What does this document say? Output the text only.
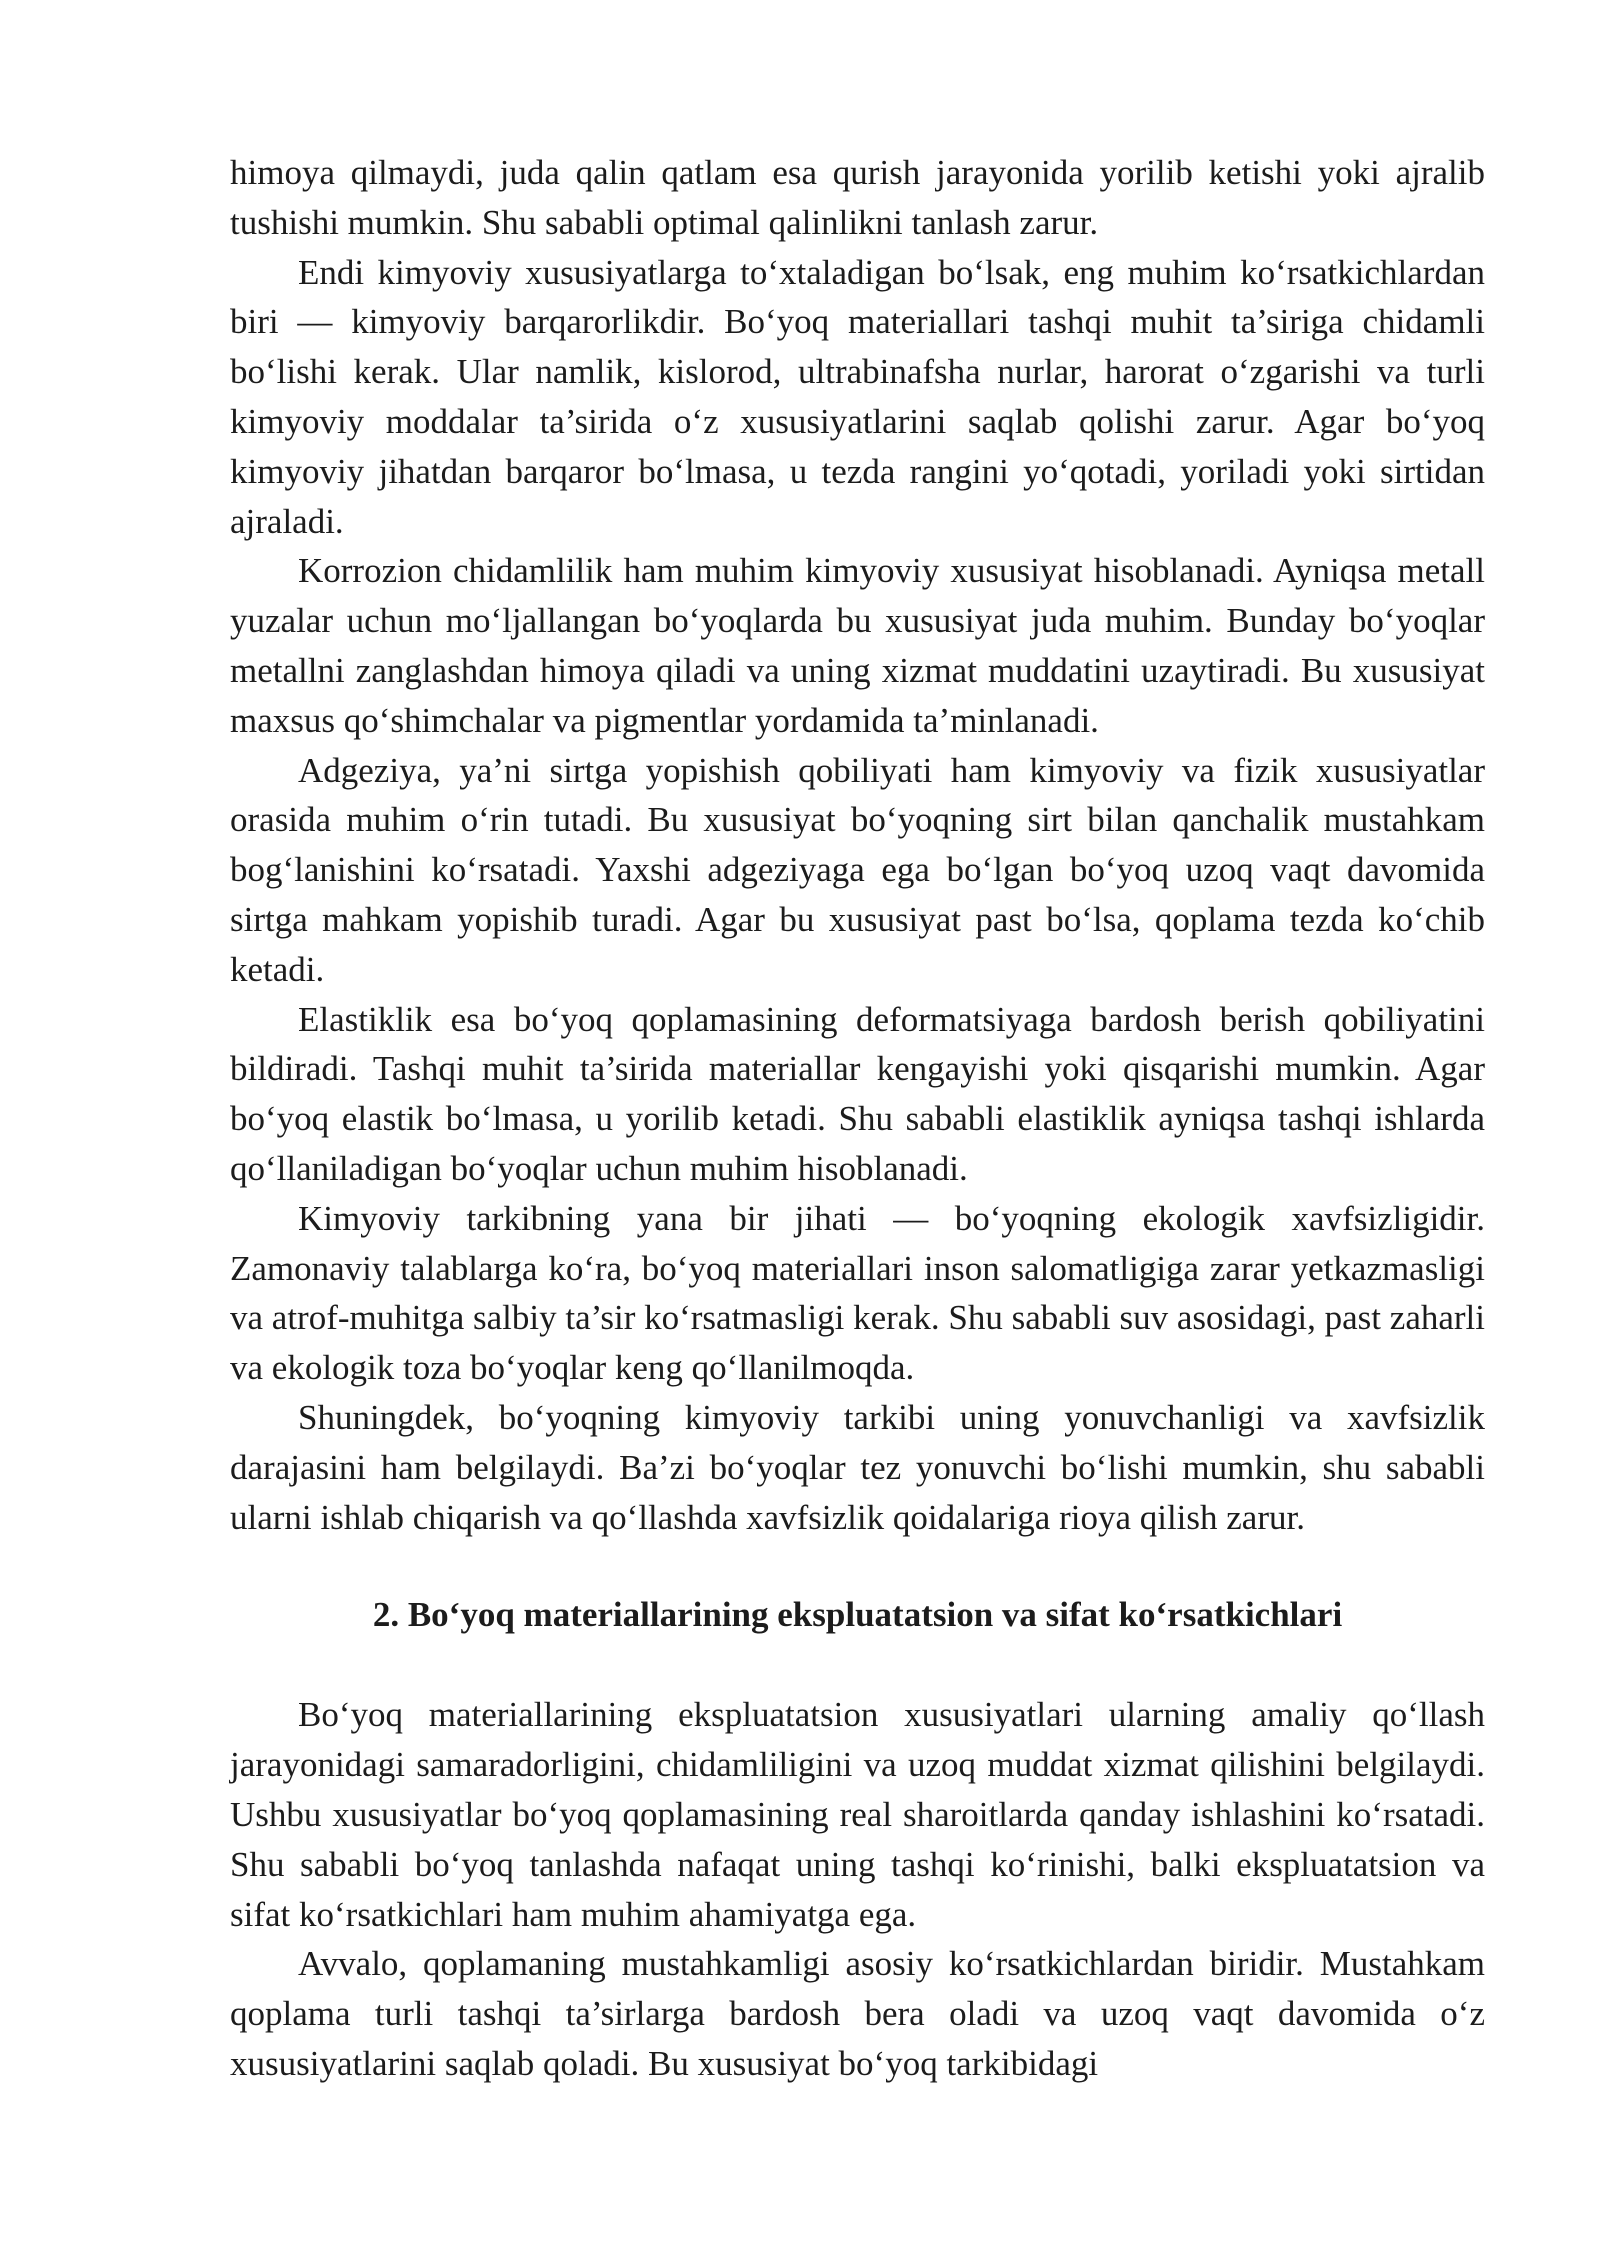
himoya qilmaydi, juda qalin qatlam esa qurish jarayonida yorilib ketishi yoki ajralib tushishi mumkin. Shu sababli optimal qalinlikni tanlash zarur.

Endi kimyoviy xususiyatlarga to‘xtaladigan bo‘lsak, eng muhim ko‘rsatkichlardan biri — kimyoviy barqarorlikdir. Bo‘yoq materiallari tashqi muhit ta’siriga chidamli bo‘lishi kerak. Ular namlik, kislorod, ultrabinafsha nurlar, harorat o‘zgarishi va turli kimyoviy moddalar ta’sirida o‘z xususiyatlarini saqlab qolishi zarur. Agar bo‘yoq kimyoviy jihatdan barqaror bo‘lmasa, u tezda rangini yo‘qotadi, yoriladi yoki sirtidan ajraladi.

Korrozion chidamlilik ham muhim kimyoviy xususiyat hisoblanadi. Ayniqsa metall yuzalar uchun mo‘ljallangan bo‘yoqlarda bu xususiyat juda muhim. Bunday bo‘yoqlar metallni zanglashdan himoya qiladi va uning xizmat muddatini uzaytiradi. Bu xususiyat maxsus qo‘shimchalar va pigmentlar yordamida ta’minlanadi.

Adgeziya, ya’ni sirtga yopishish qobiliyati ham kimyoviy va fizik xususiyatlar orasida muhim o‘rin tutadi. Bu xususiyat bo‘yoqning sirt bilan qanchalik mustahkam bog‘lanishini ko‘rsatadi. Yaxshi adgeziyaga ega bo‘lgan bo‘yoq uzoq vaqt davomida sirtga mahkam yopishib turadi. Agar bu xususiyat past bo‘lsa, qoplama tezda ko‘chib ketadi.

Elastiklik esa bo‘yoq qoplamasining deformatsiyaga bardosh berish qobiliyatini bildiradi. Tashqi muhit ta’sirida materiallar kengayishi yoki qisqarishi mumkin. Agar bo‘yoq elastik bo‘lmasa, u yorilib ketadi. Shu sababli elastiklik ayniqsa tashqi ishlarda qo‘llaniladigan bo‘yoqlar uchun muhim hisoblanadi.

Kimyoviy tarkibning yana bir jihati — bo‘yoqning ekologik xavfsizligidir. Zamonaviy talablarga ko‘ra, bo‘yoq materiallari inson salomatligiga zarar yetkazmasligi va atrof-muhitga salbiy ta’sir ko‘rsatmasligi kerak. Shu sababli suv asosidagi, past zaharli va ekologik toza bo‘yoqlar keng qo‘llanilmoqda.

Shuningdek, bo‘yoqning kimyoviy tarkibi uning yonuvchanligi va xavfsizlik darajasini ham belgilaydi. Ba’zi bo‘yoqlar tez yonuvchi bo‘lishi mumkin, shu sababli ularni ishlab chiqarish va qo‘llashda xavfsizlik qoidalariga rioya qilish zarur.

2. Bo‘yoq materiallarining ekspluatatsion va sifat ko‘rsatkichlari

Bo‘yoq materiallarining ekspluatatsion xususiyatlari ularning amaliy qo‘llash jarayonidagi samaradorligini, chidamliligini va uzoq muddat xizmat qilishini belgilaydi. Ushbu xususiyatlar bo‘yoq qoplamasining real sharoitlarda qanday ishlashini ko‘rsatadi. Shu sababli bo‘yoq tanlashda nafaqat uning tashqi ko‘rinishi, balki ekspluatatsion va sifat ko‘rsatkichlari ham muhim ahamiyatga ega.

Avvalo, qoplamaning mustahkamligi asosiy ko‘rsatkichlardan biridir. Mustahkam qoplama turli tashqi ta’sirlarga bardosh bera oladi va uzoq vaqt davomida o‘z xususiyatlarini saqlab qoladi. Bu xususiyat bo‘yoq tarkibidagi
